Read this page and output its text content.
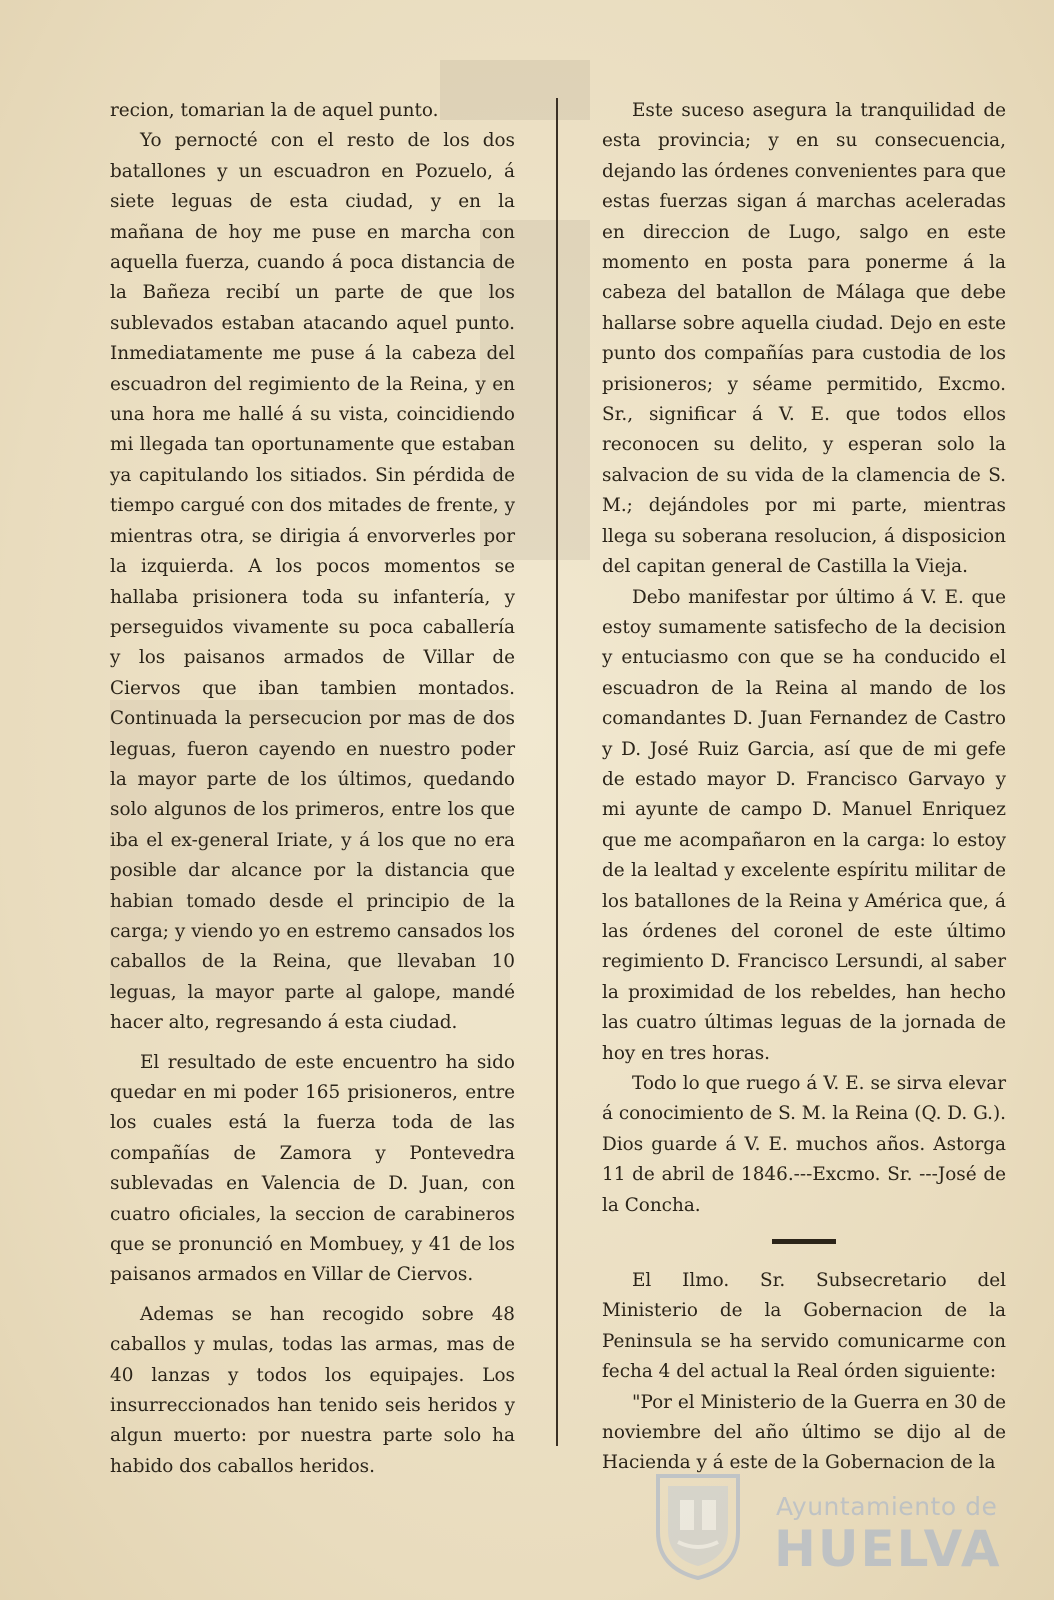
recion, tomarian la de aquel punto.

Yo pernocté con el resto de los dos batallones y un escuadron en Pozuelo, á siete leguas de esta ciudad, y en la mañana de hoy me puse en marcha con aquella fuerza, cuando á poca distancia de la Bañeza recibí un parte de que los sublevados estaban atacando aquel punto. Inmediatamente me puse á la cabeza del escuadron del regimiento de la Reina, y en una hora me hallé á su vista, coincidiendo mi llegada tan oportunamente que estaban ya capitulando los sitiados. Sin pérdida de tiempo cargué con dos mitades de frente, y mientras otra, se dirigia á envorverles por la izquierda. A los pocos momentos se hallaba prisionera toda su infantería, y perseguidos vivamente su poca caballería y los paisanos armados de Villar de Ciervos que iban tambien montados. Continuada la persecucion por mas de dos leguas, fueron cayendo en nuestro poder la mayor parte de los últimos, quedando solo algunos de los primeros, entre los que iba el ex-general Iriate, y á los que no era posible dar alcance por la distancia que habian tomado desde el principio de la carga; y viendo yo en estremo cansados los caballos de la Reina, que llevaban 10 leguas, la mayor parte al galope, mandé hacer alto, regresando á esta ciudad.

El resultado de este encuentro ha sido quedar en mi poder 165 prisioneros, entre los cuales está la fuerza toda de las compañías de Zamora y Pontevedra sublevadas en Valencia de D. Juan, con cuatro oficiales, la seccion de carabineros que se pronunció en Mombuey, y 41 de los paisanos armados en Villar de Ciervos.

Ademas se han recogido sobre 48 caballos y mulas, todas las armas, mas de 40 lanzas y todos los equipajes. Los insurreccionados han tenido seis heridos y algun muerto: por nuestra parte solo ha habido dos caballos heridos.

Este suceso asegura la tranquilidad de esta provincia; y en su consecuencia, dejando las órdenes convenientes para que estas fuerzas sigan á marchas aceleradas en direccion de Lugo, salgo en este momento en posta para ponerme á la cabeza del batallon de Málaga que debe hallarse sobre aquella ciudad. Dejo en este punto dos compañías para custodia de los prisioneros; y séame permitido, Excmo. Sr., significar á V. E. que todos ellos reconocen su delito, y esperan solo la salvacion de su vida de la clamencia de S. M.; dejándoles por mi parte, mientras llega su soberana resolucion, á disposicion del capitan general de Castilla la Vieja.

Debo manifestar por último á V. E. que estoy sumamente satisfecho de la decision y entuciasmo con que se ha conducido el escuadron de la Reina al mando de los comandantes D. Juan Fernandez de Castro y D. José Ruiz Garcia, así que de mi gefe de estado mayor D. Francisco Garvayo y mi ayunte de campo D. Manuel Enriquez que me acompañaron en la carga: lo estoy de la lealtad y excelente espíritu militar de los batallones de la Reina y América que, á las órdenes del coronel de este último regimiento D. Francisco Lersundi, al saber la proximidad de los rebeldes, han hecho las cuatro últimas leguas de la jornada de hoy en tres horas.

Todo lo que ruego á V. E. se sirva elevar á conocimiento de S. M. la Reina (Q. D. G.). Dios guarde á V. E. muchos años. Astorga 11 de abril de 1846.---Excmo. Sr. ---José de la Concha.

El Ilmo. Sr. Subsecretario del Ministerio de la Gobernacion de la Peninsula se ha servido comunicarme con fecha 4 del actual la Real órden siguiente:

"Por el Ministerio de la Guerra en 30 de noviembre del año último se dijo al de Hacienda y á este de la Gobernacion de la

Ayuntamiento de
HUELVA
